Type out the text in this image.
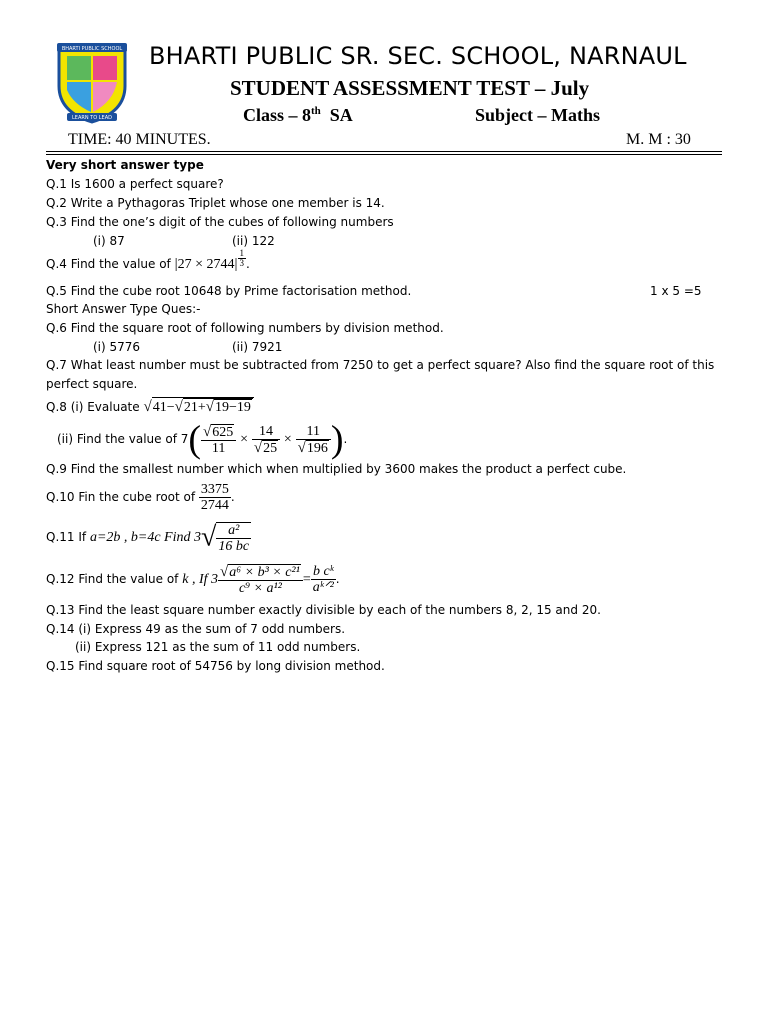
BHARTI PUBLIC SCHOOL
LEARN TO LEAD
BHARTI PUBLIC SR. SEC. SCHOOL, NARNAUL
STUDENT ASSESSMENT TEST – July
Class – 8th SA	Subject – Maths
TIME: 40 MINUTES.	M. M : 30
Very short answer type
Q.1 Is 1600 a perfect square?
Q.2 Write a Pythagoras Triplet whose one member is 14.
Q.3 Find the one’s digit of the cubes of following numbers
(i) 87	(ii) 122
Q.4 Find the value of $|27 \times 2744| \frac{1}{3}$ .
Q.5 Find the cube root 10648 by Prime factorisation method.	1 x 5 =5
Short Answer Type Ques:-
Q.6 Find the square root of following numbers by division method.
(i) 5776	(ii) 7921
Q.7 What least number must be subtracted from 7250 to get a perfect square? Also find the square root of this
perfect square.
Q.8 (i) Evaluate √41−√21+√19−19
(ii) Find the value of $7( \frac{√625}{11} \times \frac{14}{√25} \times \frac{11}{√196}$ ).
Q.9 Find the smallest number which when multiplied by 3600 makes the product a perfect cube.
Q.10 Fin the cube root of $\frac{3375}{2744}$ .
Q.11 If a=2b , b=4c Find $3√ \frac{\text{a²}}{16 bc}$
Q.12 Find the value of k , If $3 \frac{\text{√a⁶ × b³ × c²¹}}{\text{c⁹ × a¹²}} = \frac{\text{b cᵏ}}{\text{aᵏᐟ²}}$ .
Q.13 Find the least square number exactly divisible by each of the numbers 8, 2, 15 and 20.
Q.14 (i) Express 49 as the sum of 7 odd numbers.
(ii) Express 121 as the sum of 11 odd numbers.
Q.15 Find square root of 54756 by long division method.
